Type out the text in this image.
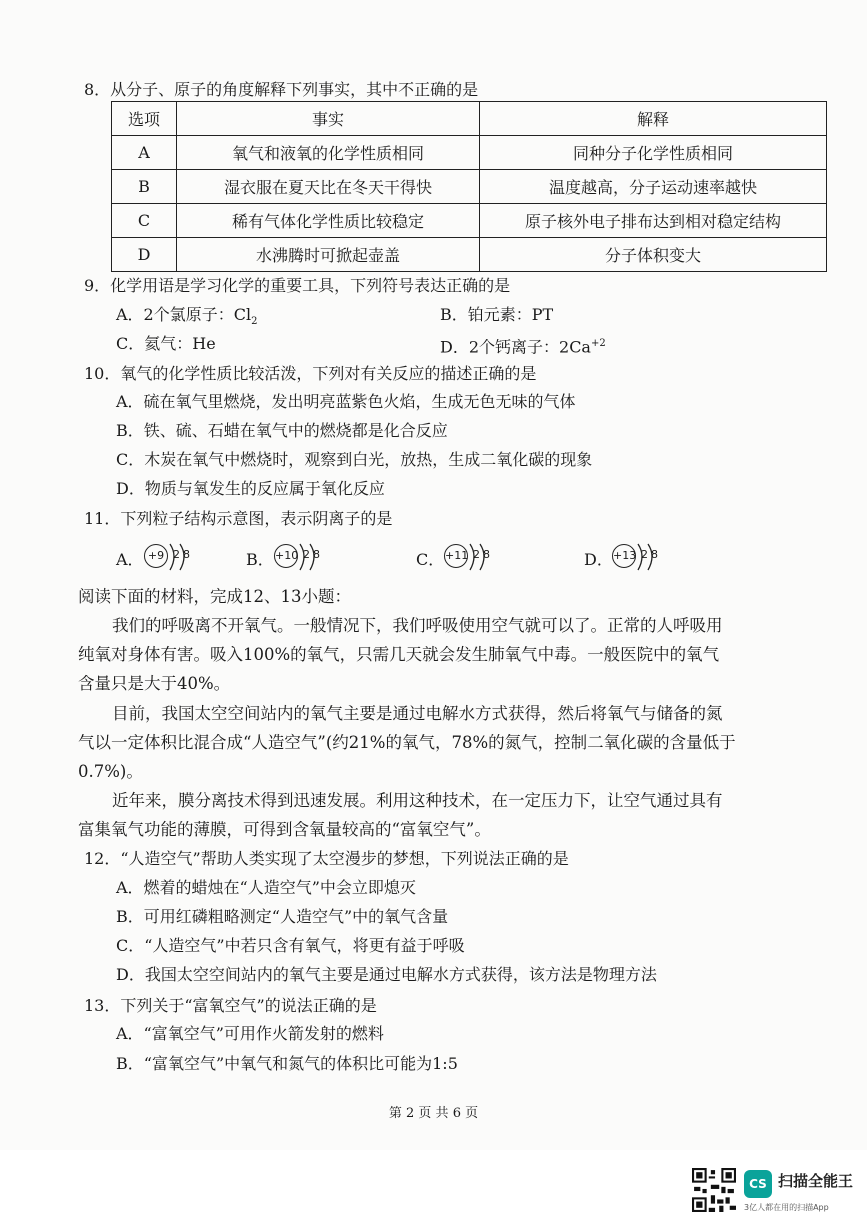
8．从分子、原子的角度解释下列事实，其中不正确的是
选项	事实	解释
A	氧气和液氧的化学性质相同	同种分子化学性质相同
B	湿衣服在夏天比在冬天干得快	温度越高，分子运动速率越快
C	稀有气体化学性质比较稳定	原子核外电子排布达到相对稳定结构
D	水沸腾时可掀起壶盖	分子体积变大
9．化学用语是学习化学的重要工具，下列符号表达正确的是
A．2个氯原子：$Cl_2$	B．铂元素：PT
C．氦气：He	D．2个钙离子：$2Ca^{+2}$
10．氧气的化学性质比较活泼，下列对有关反应的描述正确的是
A．硫在氧气里燃烧，发出明亮蓝紫色火焰，生成无色无味的气体
B．铁、硫、石蜡在氧气中的燃烧都是化合反应
C．木炭在氧气中燃烧时，观察到白光，放热，生成二氧化碳的现象
D．物质与氧发生的反应属于氧化反应
11．下列粒子结构示意图，表示阴离子的是
A． +9 2 8	B． +10 2 8	C． +11 2 8	D． +13 2 8
阅读下面的材料，完成12、13小题：
我们的呼吸离不开氧气。一般情况下，我们呼吸使用空气就可以了。正常的人呼吸用
纯氧对身体有害。吸入100%的氧气，只需几天就会发生肺氧气中毒。一般医院中的氧气
含量只是大于40%。
目前，我国太空空间站内的氧气主要是通过电解水方式获得，然后将氧气与储备的氮
气以一定体积比混合成“人造空气”(约21%的氧气，78%的氮气，控制二氧化碳的含量低于
0.7%)。
近年来，膜分离技术得到迅速发展。利用这种技术，在一定压力下，让空气通过具有
富集氧气功能的薄膜，可得到含氧量较高的“富氧空气”。
12．“人造空气”帮助人类实现了太空漫步的梦想，下列说法正确的是
A．燃着的蜡烛在“人造空气”中会立即熄灭
B．可用红磷粗略测定“人造空气”中的氧气含量
C．“人造空气”中若只含有氧气，将更有益于呼吸
D．我国太空空间站内的氧气主要是通过电解水方式获得，该方法是物理方法
13．下列关于“富氧空气”的说法正确的是
A．“富氧空气”可用作火箭发射的燃料
B．“富氧空气”中氧气和氮气的体积比可能为1:5
第 2 页 共 6 页
CS 扫描全能王
3亿人都在用的扫描App
